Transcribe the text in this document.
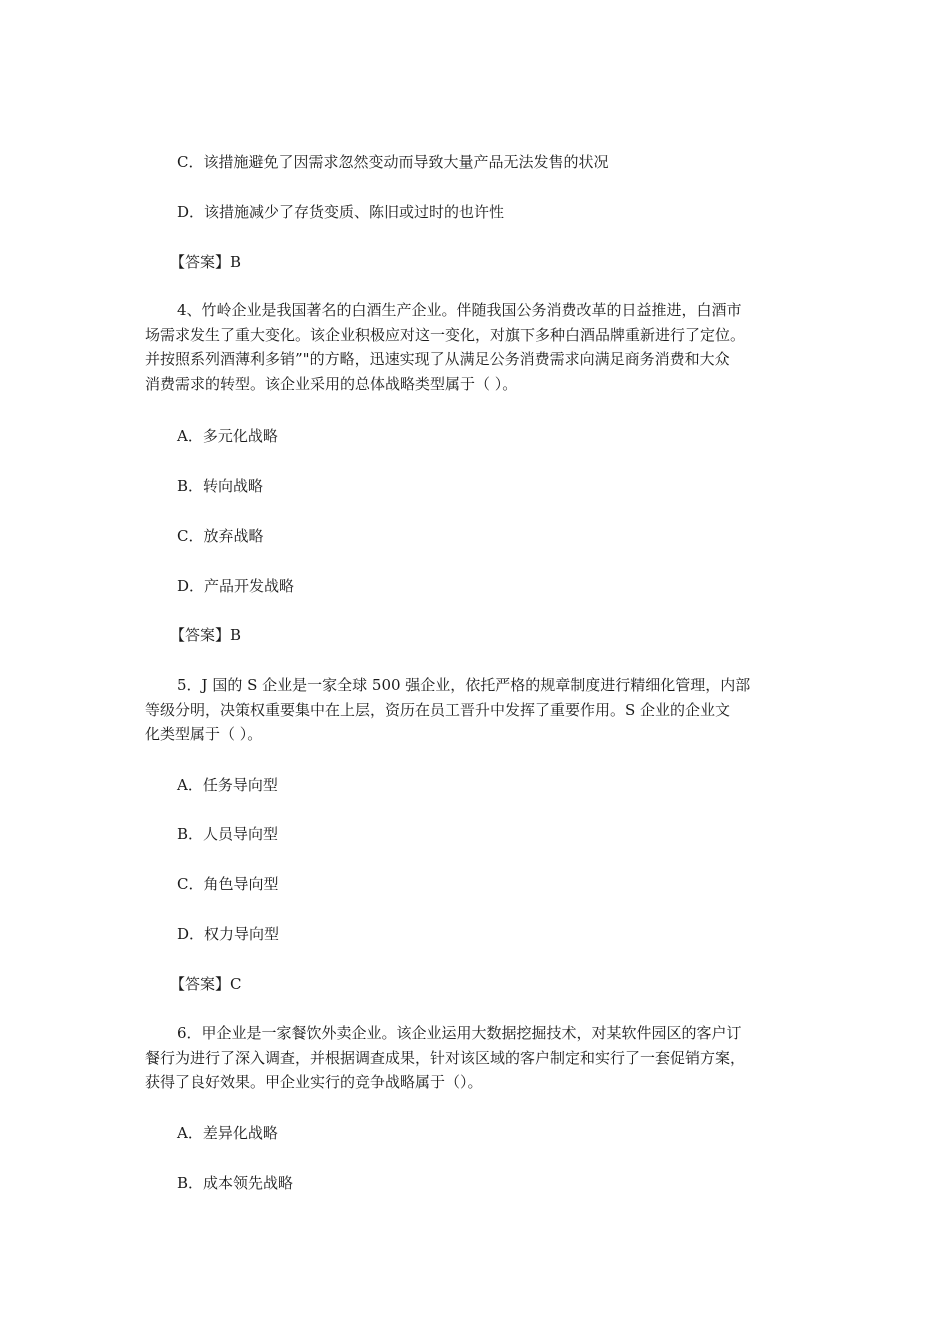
C．该措施避免了因需求忽然变动而导致大量产品无法发售的状况
D．该措施减少了存货变质、陈旧或过时的也许性
【答案】B
4、竹岭企业是我国著名的白酒生产企业。伴随我国公务消费改革的日益推进，白酒市
场需求发生了重大变化。该企业积极应对这一变化，对旗下多种白酒品牌重新进行了定位。
并按照系列酒薄利多销”"的方略，迅速实现了从满足公务消费需求向满足商务消费和大众
消费需求的转型。该企业采用的总体战略类型属于（ ）。
A．多元化战略
B．转向战略
C．放弃战略
D．产品开发战略
【答案】B
5．J 国的 S 企业是一家全球 500 强企业，依托严格的规章制度进行精细化管理，内部
等级分明，决策权重要集中在上层，资历在员工晋升中发挥了重要作用。S 企业的企业文
化类型属于（ ）。
A．任务导向型
B．人员导向型
C．角色导向型
D．权力导向型
【答案】C
6．甲企业是一家餐饮外卖企业。该企业运用大数据挖掘技术，对某软件园区的客户订
餐行为进行了深入调查，并根据调查成果，针对该区域的客户制定和实行了一套促销方案，
获得了良好效果。甲企业实行的竞争战略属于（）。
A．差异化战略
B．成本领先战略
